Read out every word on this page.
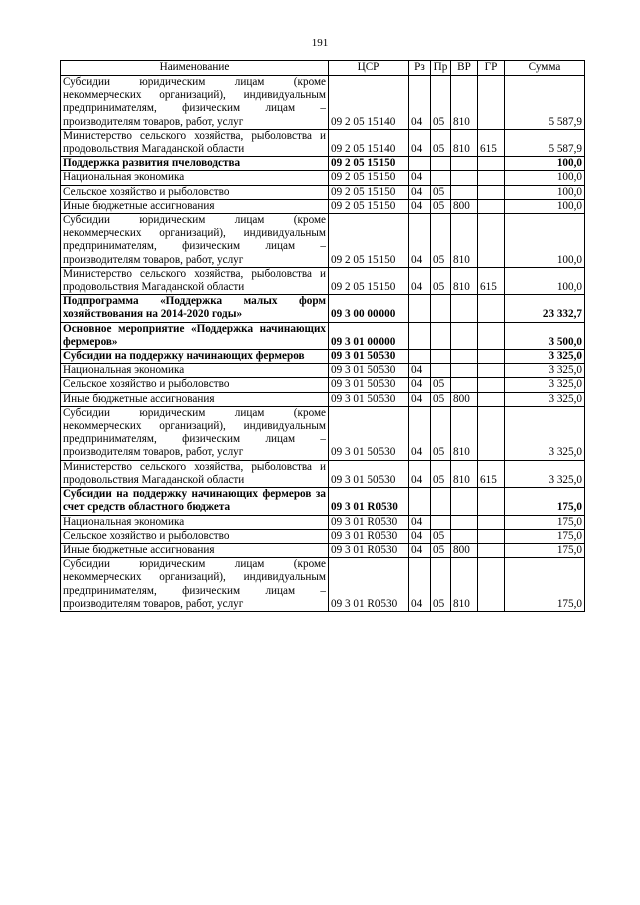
191
Наименование	ЦСР	Рз	Пр	ВР	ГР	Сумма
Субсидии юридическим лицам (кроме некоммерческих организаций), индивидуальным предпринимателям, физическим лицам – производителям товаров, работ, услуг	09 2 05 15140	04	05	810		5 587,9
Министерство сельского хозяйства, рыболовства и продовольствия Магаданской области	09 2 05 15140	04	05	810	615	5 587,9
Поддержка развития пчеловодства	09 2 05 15150					100,0
Национальная экономика	09 2 05 15150	04				100,0
Сельское хозяйство и рыболовство	09 2 05 15150	04	05			100,0
Иные бюджетные ассигнования	09 2 05 15150	04	05	800		100,0
Субсидии юридическим лицам (кроме некоммерческих организаций), индивидуальным предпринимателям, физическим лицам – производителям товаров, работ, услуг	09 2 05 15150	04	05	810		100,0
Министерство сельского хозяйства, рыболовства и продовольствия Магаданской области	09 2 05 15150	04	05	810	615	100,0
Подпрограмма «Поддержка малых форм хозяйствования на 2014-2020 годы»	09 3 00 00000					23 332,7
Основное мероприятие «Поддержка начинающих фермеров»	09 3 01 00000					3 500,0
Субсидии на поддержку начинающих фермеров	09 3 01 50530					3 325,0
Национальная экономика	09 3 01 50530	04				3 325,0
Сельское хозяйство и рыболовство	09 3 01 50530	04	05			3 325,0
Иные бюджетные ассигнования	09 3 01 50530	04	05	800		3 325,0
Субсидии юридическим лицам (кроме некоммерческих организаций), индивидуальным предпринимателям, физическим лицам – производителям товаров, работ, услуг	09 3 01 50530	04	05	810		3 325,0
Министерство сельского хозяйства, рыболовства и продовольствия Магаданской области	09 3 01 50530	04	05	810	615	3 325,0
Субсидии на поддержку начинающих фермеров за счет средств областного бюджета	09 3 01 R0530					175,0
Национальная экономика	09 3 01 R0530	04				175,0
Сельское хозяйство и рыболовство	09 3 01 R0530	04	05			175,0
Иные бюджетные ассигнования	09 3 01 R0530	04	05	800		175,0
Субсидии юридическим лицам (кроме некоммерческих организаций), индивидуальным предпринимателям, физическим лицам – производителям товаров, работ, услуг	09 3 01 R0530	04	05	810		175,0
